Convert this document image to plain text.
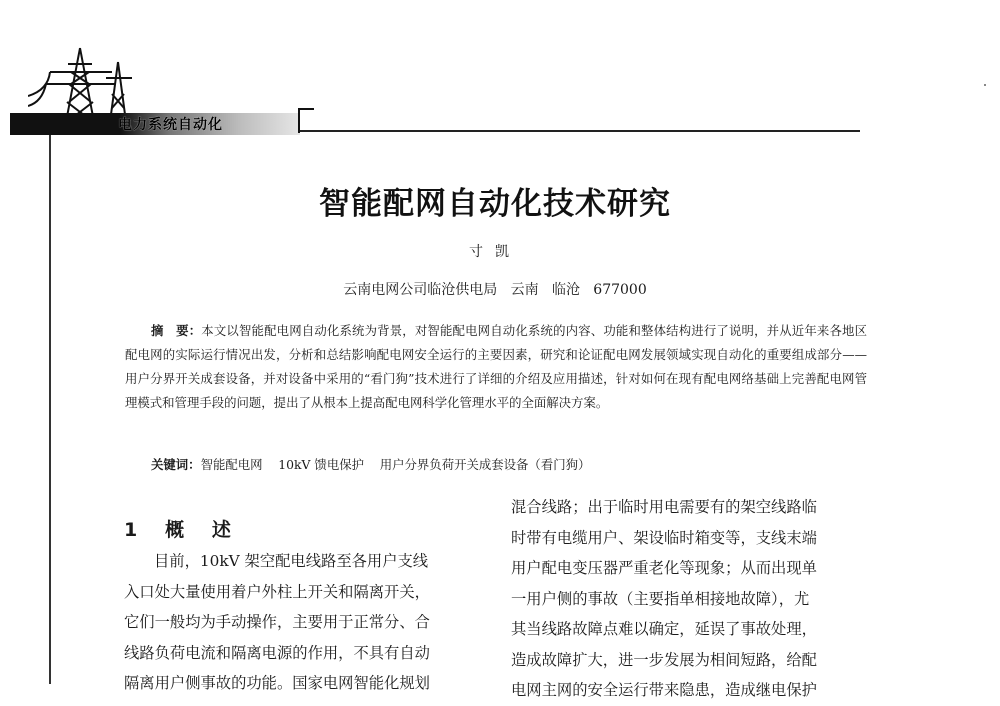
电力系统自动化
智能配网自动化技术研究
寸凯
云南电网公司临沧供电局   云南   临沧   677000
摘　要：本文以智能配电网自动化系统为背景，对智能配电网自动化系统的内容、功能和整体结构进行了说明，并从近年来各地区配电网的实际运行情况出发，分析和总结影响配电网安全运行的主要因素，研究和论证配电网发展领域实现自动化的重要组成部分——用户分界开关成套设备，并对设备中采用的“看门狗”技术进行了详细的介绍及应用描述，针对如何在现有配电网络基础上完善配电网管理模式和管理手段的问题，提出了从根本上提高配电网科学化管理水平的全面解决方案。
关键词：智能配电网    10kV 馈电保护    用户分界负荷开关成套设备（看门狗）
1   概   述
目前，10kV 架空配电线路至各用户支线
入口处大量使用着户外柱上开关和隔离开关，
它们一般均为手动操作，主要用于正常分、合
线路负荷电流和隔离电源的作用，不具有自动
隔离用户侧事故的功能。国家电网智能化规划
混合线路；出于临时用电需要有的架空线路临
时带有电缆用户、架设临时箱变等，支线末端
用户配电变压器严重老化等现象；从而出现单
一用户侧的事故（主要指单相接地故障），尤
其当线路故障点难以确定，延误了事故处理，
造成故障扩大，进一步发展为相间短路，给配
电网主网的安全运行带来隐患，造成继电保护
